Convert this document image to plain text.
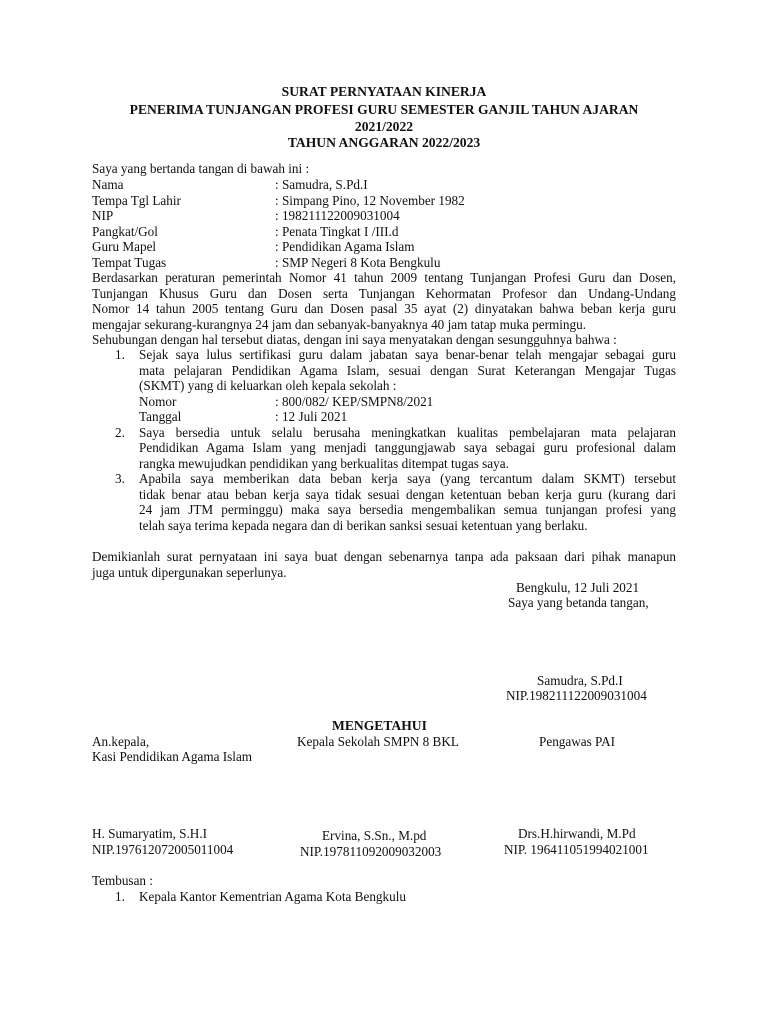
SURAT PERNYATAAN KINERJA
PENERIMA TUNJANGAN PROFESI GURU SEMESTER GANJIL TAHUN AJARAN
2021/2022
TAHUN ANGGARAN 2022/2023
Saya yang bertanda tangan di bawah ini :
Nama	: Samudra, S.Pd.I
Tempa Tgl Lahir	: Simpang Pino, 12 November 1982
NIP	: 198211122009031004
Pangkat/Gol	: Penata Tingkat I /III.d
Guru Mapel	: Pendidikan Agama Islam
Tempat Tugas	: SMP Negeri 8 Kota Bengkulu
Berdasarkan peraturan pemerintah Nomor 41 tahun 2009 tentang Tunjangan Profesi Guru dan Dosen,
Tunjangan Khusus Guru dan Dosen serta Tunjangan Kehormatan Profesor dan Undang-Undang
Nomor 14 tahun 2005 tentang Guru dan Dosen pasal 35 ayat (2) dinyatakan bahwa beban kerja guru
mengajar sekurang-kurangnya 24 jam dan sebanyak-banyaknya 40 jam tatap muka permingu.
Sehubungan dengan hal tersebut diatas, dengan ini saya menyatakan dengan sesungguhnya bahwa :
1. Sejak saya lulus sertifikasi guru dalam jabatan saya benar-benar telah mengajar sebagai guru
mata pelajaran Pendidikan Agama Islam, sesuai dengan Surat Keterangan Mengajar Tugas
(SKMT) yang di keluarkan oleh kepala sekolah :
Nomor	: 800/082/ KEP/SMPN8/2021
Tanggal	: 12 Juli 2021
2. Saya bersedia untuk selalu berusaha meningkatkan kualitas pembelajaran mata pelajaran
Pendidikan Agama Islam yang menjadi tanggungjawab saya sebagai guru profesional dalam
rangka mewujudkan pendidikan yang berkualitas ditempat tugas saya.
3. Apabila saya memberikan data beban kerja saya (yang tercantum dalam SKMT) tersebut
tidak benar atau beban kerja saya tidak sesuai dengan ketentuan beban kerja guru (kurang dari
24 jam JTM perminggu) maka saya bersedia mengembalikan semua tunjangan profesi yang
telah saya terima kepada negara dan di berikan sanksi sesuai ketentuan yang berlaku.
Demikianlah surat pernyataan ini saya buat dengan sebenarnya tanpa ada paksaan dari pihak manapun
juga untuk dipergunakan seperlunya.
Bengkulu, 12 Juli 2021
Saya yang betanda tangan,
Samudra, S.Pd.I
NIP.198211122009031004
MENGETAHUI
An.kepala,
Kasi Pendidikan Agama Islam
Kepala Sekolah SMPN 8 BKL	Pengawas PAI
H. Sumaryatim, S.H.I
NIP.197612072005011004
Ervina, S.Sn., M.pd
NIP.197811092009032003
Drs.H.hirwandi, M.Pd
NIP. 196411051994021001
Tembusan :
1. Kepala Kantor Kementrian Agama Kota Bengkulu
